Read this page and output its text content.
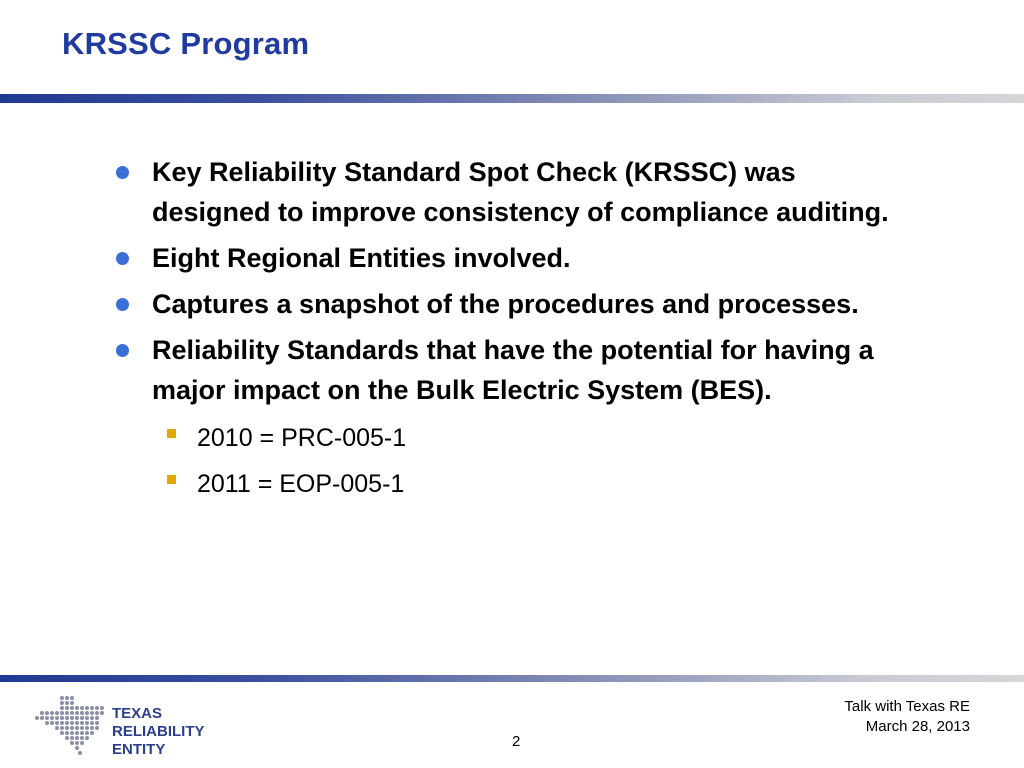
KRSSC Program
Key Reliability Standard Spot Check (KRSSC) was designed to improve consistency of compliance auditing.
Eight Regional Entities involved.
Captures a snapshot of the procedures and processes.
Reliability Standards that have the potential for having a major impact on the Bulk Electric System (BES).
2010 = PRC-005-1
2011 = EOP-005-1
TEXAS
RELIABILITY
ENTITY
Talk with Texas RE
March 28, 2013
2
